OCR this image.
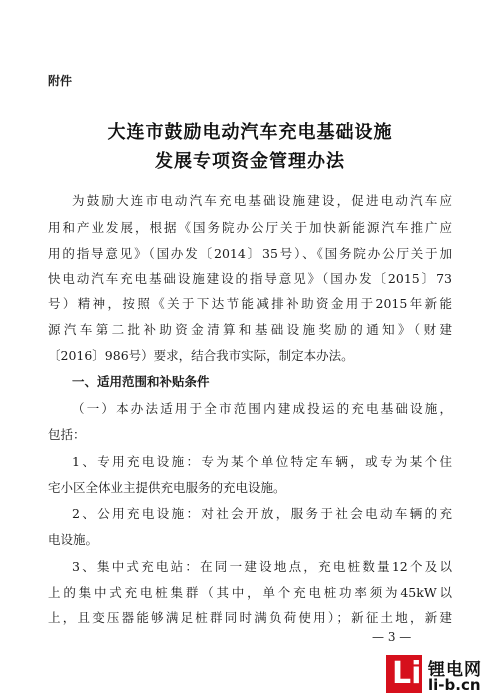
附件
大连市鼓励电动汽车充电基础设施
发展专项资金管理办法
为鼓励大连市电动汽车充电基础设施建设，促进电动汽车应
用和产业发展，根据《国务院办公厅关于加快新能源汽车推广应
用的指导意见》（国办发〔2014〕35号）、《国务院办公厅关于加
快电动汽车充电基础设施建设的指导意见》（国办发〔2015〕73
号）精神，按照《关于下达节能减排补助资金用于2015年新能
源汽车第二批补助资金清算和基础设施奖励的通知》（财建
〔2016〕986号）要求，结合我市实际，制定本办法。
一、适用范围和补贴条件
（一）本办法适用于全市范围内建成投运的充电基础设施，
包括：
1、专用充电设施：专为某个单位特定车辆，或专为某个住
宅小区全体业主提供充电服务的充电设施。
2、公用充电设施：对社会开放，服务于社会电动车辆的充
电设施。
3、集中式充电站：在同一建设地点，充电桩数量12个及以
上的集中式充电桩集群（其中，单个充电桩功率须为45kW以
上，且变压器能够满足桩群同时满负荷使用）；新征土地，新建
— 3 —
Li 锂电网
li-b.cn
